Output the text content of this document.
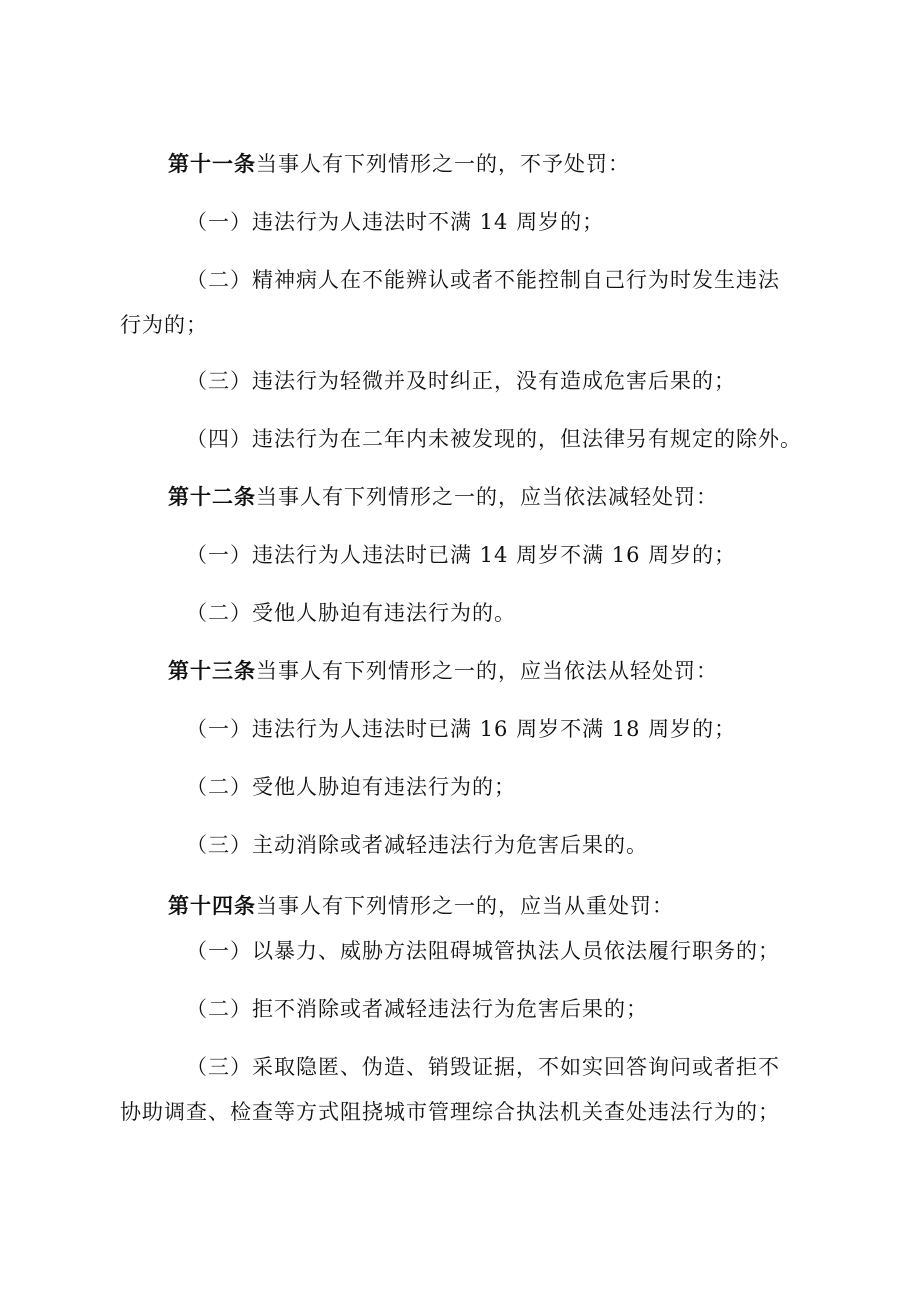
第十一条当事人有下列情形之一的，不予处罚：
（一）违法行为人违法时不满 14 周岁的；
（二）精神病人在不能辨认或者不能控制自己行为时发生违法
行为的；
（三）违法行为轻微并及时纠正，没有造成危害后果的；
（四）违法行为在二年内未被发现的，但法律另有规定的除外。
第十二条当事人有下列情形之一的，应当依法减轻处罚：
（一）违法行为人违法时已满 14 周岁不满 16 周岁的；
（二）受他人胁迫有违法行为的。
第十三条当事人有下列情形之一的，应当依法从轻处罚：
（一）违法行为人违法时已满 16 周岁不满 18 周岁的；
（二）受他人胁迫有违法行为的；
（三）主动消除或者减轻违法行为危害后果的。
第十四条当事人有下列情形之一的，应当从重处罚：
（一）以暴力、威胁方法阻碍城管执法人员依法履行职务的；
（二）拒不消除或者减轻违法行为危害后果的；
（三）采取隐匿、伪造、销毁证据，不如实回答询问或者拒不
协助调查、检查等方式阻挠城市管理综合执法机关查处违法行为的；
